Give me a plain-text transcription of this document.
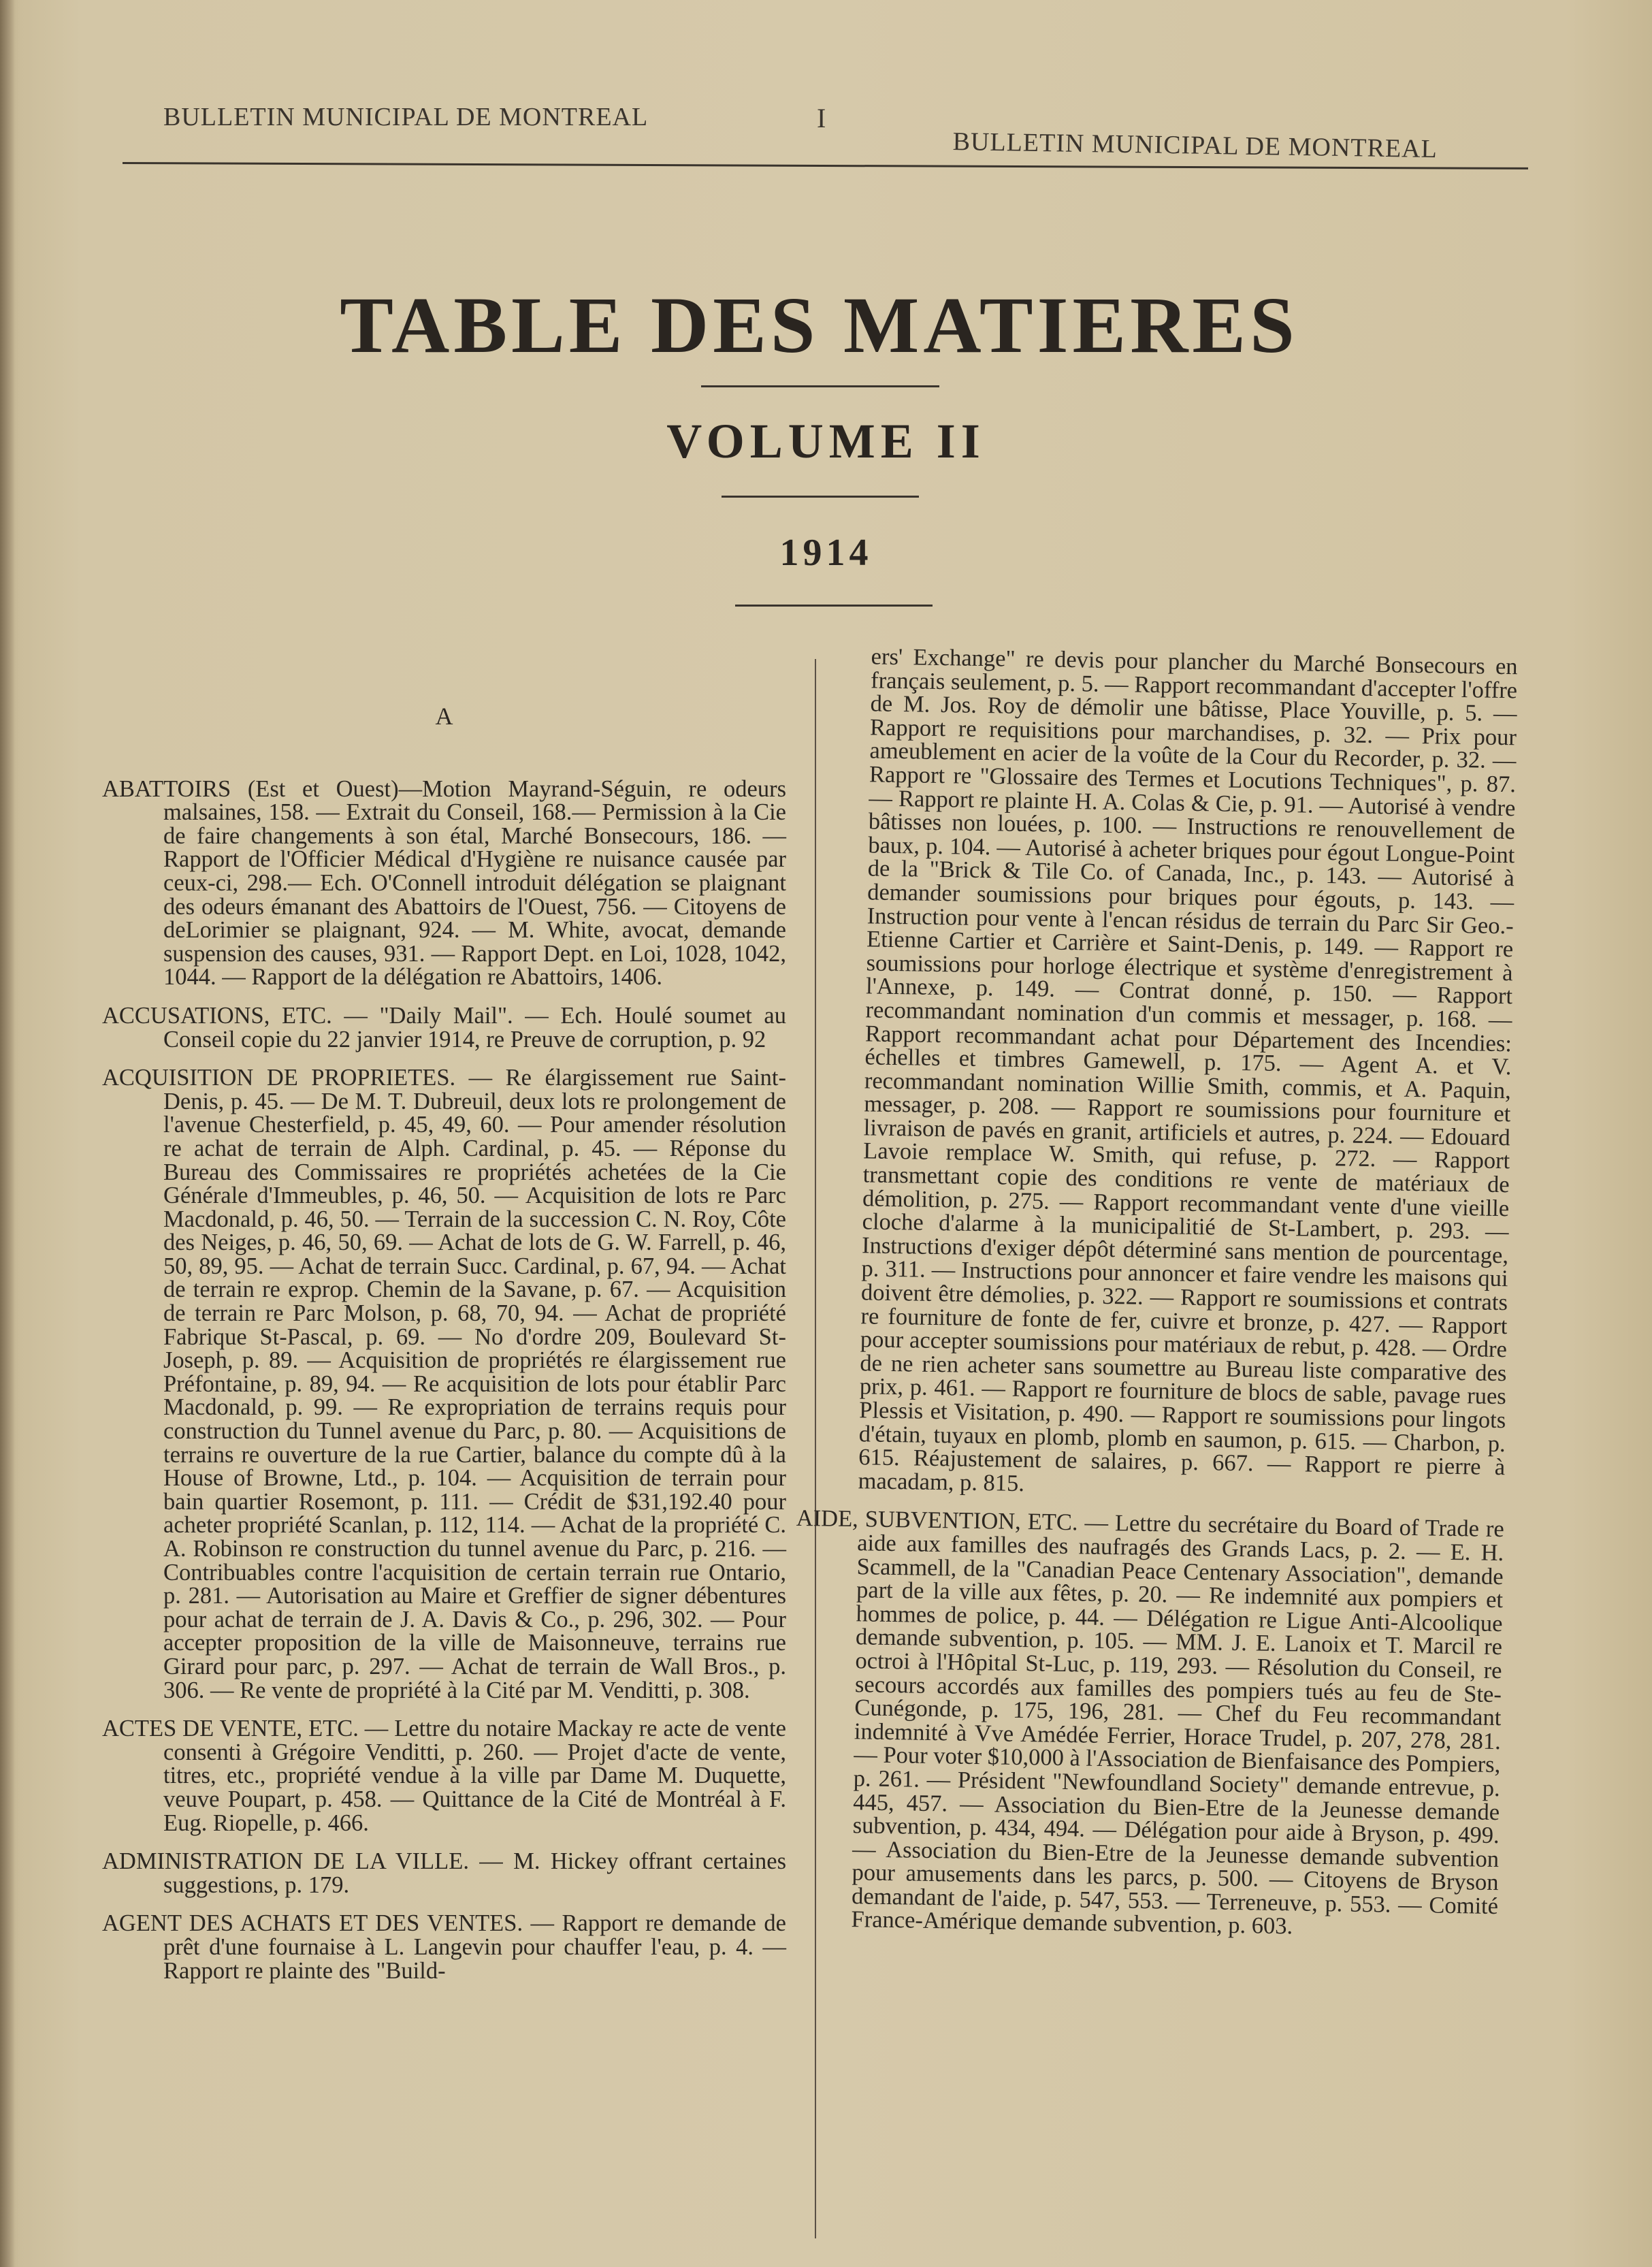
BULLETIN MUNICIPAL DE MONTREAL	I
BULLETIN MUNICIPAL DE MONTREAL
TABLE DES MATIERES
VOLUME II
1914
A

ABATTOIRS (Est et Ouest)—Motion Mayrand-Séguin, re odeurs malsaines, 158. — Extrait du Conseil, 168.— Permission à la Cie de faire changements à son étal, Marché Bonsecours, 186. — Rapport de l'Officier Médical d'Hygiène re nuisance causée par ceux-ci, 298.— Ech. O'Connell introduit délégation se plaignant des odeurs émanant des Abattoirs de l'Ouest, 756. — Citoyens de deLorimier se plaignant, 924. — M. White, avocat, demande suspension des causes, 931. — Rapport Dept. en Loi, 1028, 1042, 1044. — Rapport de la délégation re Abattoirs, 1406.

ACCUSATIONS, ETC. — "Daily Mail". — Ech. Houlé soumet au Conseil copie du 22 janvier 1914, re Preuve de corruption, p. 92

ACQUISITION DE PROPRIETES. — Re élargissement rue Saint-Denis, p. 45. — De M. T. Dubreuil, deux lots re prolongement de l'avenue Chesterfield, p. 45, 49, 60. — Pour amender résolution re achat de terrain de Alph. Cardinal, p. 45. — Réponse du Bureau des Commissaires re propriétés achetées de la Cie Générale d'Immeubles, p. 46, 50. — Acquisition de lots re Parc Macdonald, p. 46, 50. — Terrain de la succession C. N. Roy, Côte des Neiges, p. 46, 50, 69. — Achat de lots de G. W. Farrell, p. 46, 50, 89, 95. — Achat de terrain Succ. Cardinal, p. 67, 94. — Achat de terrain re exprop. Chemin de la Savane, p. 67. — Acquisition de terrain re Parc Molson, p. 68, 70, 94. — Achat de propriété Fabrique St-Pascal, p. 69. — No d'ordre 209, Boulevard St-Joseph, p. 89. — Acquisition de propriétés re élargissement rue Préfontaine, p. 89, 94. — Re acquisition de lots pour établir Parc Macdonald, p. 99. — Re expropriation de terrains requis pour construction du Tunnel avenue du Parc, p. 80. — Acquisitions de terrains re ouverture de la rue Cartier, balance du compte dû à la House of Browne, Ltd., p. 104. — Acquisition de terrain pour bain quartier Rosemont, p. 111. — Crédit de $31,192.40 pour acheter propriété Scanlan, p. 112, 114. — Achat de la propriété C. A. Robinson re construction du tunnel avenue du Parc, p. 216. — Contribuables contre l'acquisition de certain terrain rue Ontario, p. 281. — Autorisation au Maire et Greffier de signer débentures pour achat de terrain de J. A. Davis & Co., p. 296, 302. — Pour accepter proposition de la ville de Maisonneuve, terrains rue Girard pour parc, p. 297. — Achat de terrain de Wall Bros., p. 306. — Re vente de propriété à la Cité par M. Venditti, p. 308.

ACTES DE VENTE, ETC. — Lettre du notaire Mackay re acte de vente consenti à Grégoire Venditti, p. 260. — Projet d'acte de vente, titres, etc., propriété vendue à la ville par Dame M. Duquette, veuve Poupart, p. 458. — Quittance de la Cité de Montréal à F. Eug. Riopelle, p. 466.

ADMINISTRATION DE LA VILLE. — M. Hickey offrant certaines suggestions, p. 179.

AGENT DES ACHATS ET DES VENTES. — Rapport re demande de prêt d'une fournaise à L. Langevin pour chauffer l'eau, p. 4. — Rapport re plainte des "Build-

ers' Exchange" re devis pour plancher du Marché Bonsecours en français seulement, p. 5. — Rapport recommandant d'accepter l'offre de M. Jos. Roy de démolir une bâtisse, Place Youville, p. 5. — Rapport re requisitions pour marchandises, p. 32. — Prix pour ameublement en acier de la voûte de la Cour du Recorder, p. 32. — Rapport re "Glossaire des Termes et Locutions Techniques", p. 87. — Rapport re plainte H. A. Colas & Cie, p. 91. — Autorisé à vendre bâtisses non louées, p. 100. — Instructions re renouvellement de baux, p. 104. — Autorisé à acheter briques pour égout Longue-Point de la "Brick & Tile Co. of Canada, Inc., p. 143. — Autorisé à demander soumissions pour briques pour égouts, p. 143. — Instruction pour vente à l'encan résidus de terrain du Parc Sir Geo.-Etienne Cartier et Carrière et Saint-Denis, p. 149. — Rapport re soumissions pour horloge électrique et système d'enregistrement à l'Annexe, p. 149. — Contrat donné, p. 150. — Rapport recommandant nomination d'un commis et messager, p. 168. — Rapport recommandant achat pour Département des Incendies: échelles et timbres Gamewell, p. 175. — Agent A. et V. recommandant nomination Willie Smith, commis, et A. Paquin, messager, p. 208. — Rapport re soumissions pour fourniture et livraison de pavés en granit, artificiels et autres, p. 224. — Edouard Lavoie remplace W. Smith, qui refuse, p. 272. — Rapport transmettant copie des conditions re vente de matériaux de démolition, p. 275. — Rapport recommandant vente d'une vieille cloche d'alarme à la municipalitié de St-Lambert, p. 293. — Instructions d'exiger dépôt déterminé sans mention de pourcentage, p. 311. — Instructions pour annoncer et faire vendre les maisons qui doivent être démolies, p. 322. — Rapport re soumissions et contrats re fourniture de fonte de fer, cuivre et bronze, p. 427. — Rapport pour accepter soumissions pour matériaux de rebut, p. 428. — Ordre de ne rien acheter sans soumettre au Bureau liste comparative des prix, p. 461. — Rapport re fourniture de blocs de sable, pavage rues Plessis et Visitation, p. 490. — Rapport re soumissions pour lingots d'étain, tuyaux en plomb, plomb en saumon, p. 615. — Charbon, p. 615. Réajustement de salaires, p. 667. — Rapport re pierre à macadam, p. 815.

AIDE, SUBVENTION, ETC. — Lettre du secrétaire du Board of Trade re aide aux familles des naufragés des Grands Lacs, p. 2. — E. H. Scammell, de la "Canadian Peace Centenary Association", demande part de la ville aux fêtes, p. 20. — Re indemnité aux pompiers et hommes de police, p. 44. — Délégation re Ligue Anti-Alcoolique demande subvention, p. 105. — MM. J. E. Lanoix et T. Marcil re octroi à l'Hôpital St-Luc, p. 119, 293. — Résolution du Conseil, re secours accordés aux familles des pompiers tués au feu de Ste-Cunégonde, p. 175, 196, 281. — Chef du Feu recommandant indemnité à Vve Amédée Ferrier, Horace Trudel, p. 207, 278, 281. — Pour voter $10,000 à l'Association de Bienfaisance des Pompiers, p. 261. — Président "Newfoundland Society" demande entrevue, p. 445, 457. — Association du Bien-Etre de la Jeunesse demande subvention, p. 434, 494. — Délégation pour aide à Bryson, p. 499. — Association du Bien-Etre de la Jeunesse demande subvention pour amusements dans les parcs, p. 500. — Citoyens de Bryson demandant de l'aide, p. 547, 553. — Terreneuve, p. 553. — Comité France-Amérique demande subvention, p. 603.
